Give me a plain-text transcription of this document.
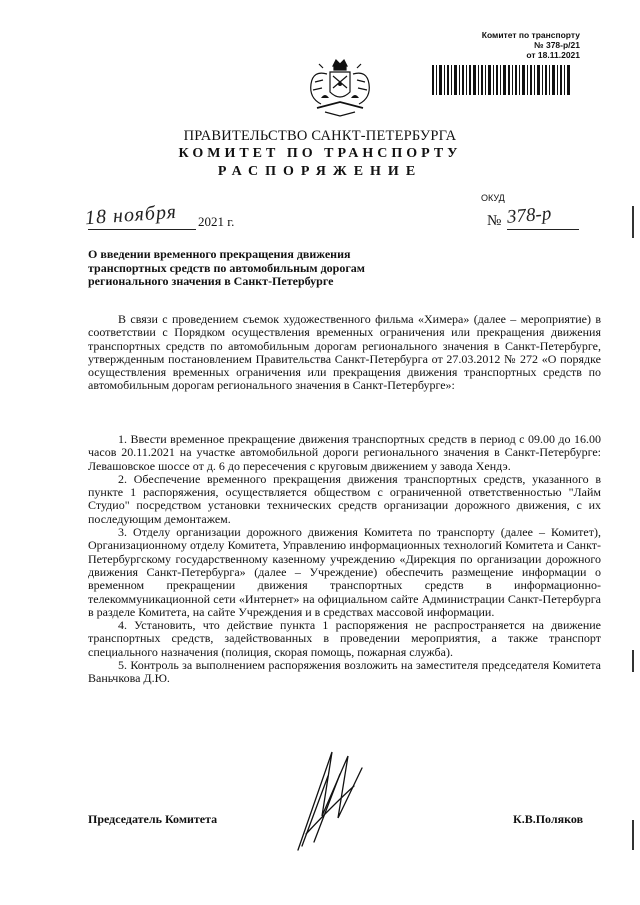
Комитет по транспорту
№ 378-р/21
от 18.11.2021
ПРАВИТЕЛЬСТВО САНКТ-ПЕТЕРБУРГА
КОМИТЕТ ПО ТРАНСПОРТУ
РАСПОРЯЖЕНИЕ
ОКУД
18 ноября 2021 г.	№ 378-р
О введении временного прекращения движения транспортных средств по автомобильным дорогам регионального значения в Санкт-Петербурге
В связи с проведением съемок художественного фильма «Химера» (далее – мероприятие) в соответствии с Порядком осуществления временных ограничения или прекращения движения транспортных средств по автомобильным дорогам регионального значения в Санкт-Петербурге, утвержденным постановлением Правительства Санкт-Петербурга от 27.03.2012 № 272 «О порядке осуществления временных ограничения или прекращения движения транспортных средств по автомобильным дорогам регионального значения в Санкт-Петербурге»:

1. Ввести временное прекращение движения транспортных средств в период с 09.00 до 16.00 часов 20.11.2021 на участке автомобильной дороги регионального значения в Санкт-Петербурге: Левашовское шоссе от д. 6 до пересечения с круговым движением у завода Хендэ.

2. Обеспечение временного прекращения движения транспортных средств, указанного в пункте 1 распоряжения, осуществляется обществом с ограниченной ответственностью "Лайм Студио" посредством установки технических средств организации дорожного движения, с их последующим демонтажем.

3. Отделу организации дорожного движения Комитета по транспорту (далее – Комитет), Организационному отделу Комитета, Управлению информационных технологий Комитета и Санкт-Петербургскому государственному казенному учреждению «Дирекция по организации дорожного движения Санкт-Петербурга» (далее – Учреждение) обеспечить размещение информации о временном прекращении движения транспортных средств в информационно-телекоммуникационной сети «Интернет» на официальном сайте Администрации Санкт-Петербурга в разделе Комитета, на сайте Учреждения и в средствах массовой информации.

4. Установить, что действие пункта 1 распоряжения не распространяется на движение транспортных средств, задействованных в проведении мероприятия, а также транспорт специального назначения (полиция, скорая помощь, пожарная служба).

5. Контроль за выполнением распоряжения возложить на заместителя председателя Комитета Ваньчкова Д.Ю.

Председатель Комитета	К.В.Поляков
